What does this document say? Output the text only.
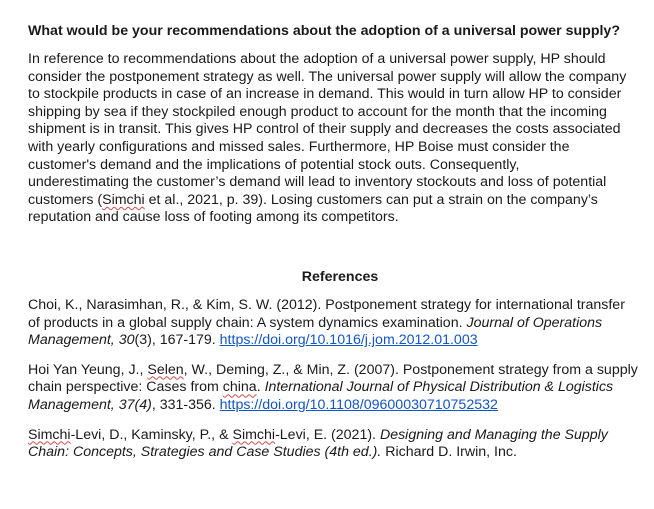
What would be your recommendations about the adoption of a universal power supply?
In reference to recommendations about the adoption of a universal power supply, HP should
consider the postponement strategy as well. The universal power supply will allow the company
to stockpile products in case of an increase in demand. This would in turn allow HP to consider
shipping by sea if they stockpiled enough product to account for the month that the incoming
shipment is in transit. This gives HP control of their supply and decreases the costs associated
with yearly configurations and missed sales. Furthermore, HP Boise must consider the
customer's demand and the implications of potential stock outs. Consequently,
underestimating the customer’s demand will lead to inventory stockouts and loss of potential
customers (Simchi et al., 2021, p. 39). Losing customers can put a strain on the company’s
reputation and cause loss of footing among its competitors.
References
Choi, K., Narasimhan, R., & Kim, S. W. (2012). Postponement strategy for international transfer
of products in a global supply chain: A system dynamics examination. Journal of Operations
Management, 30(3), 167-179. https://doi.org/10.1016/j.jom.2012.01.003
Hoi Yan Yeung, J., Selen, W., Deming, Z., & Min, Z. (2007). Postponement strategy from a supply
chain perspective: Cases from china. International Journal of Physical Distribution & Logistics
Management, 37(4), 331-356. https://doi.org/10.1108/09600030710752532
Simchi-Levi, D., Kaminsky, P., & Simchi-Levi, E. (2021). Designing and Managing the Supply
Chain: Concepts, Strategies and Case Studies (4th ed.). Richard D. Irwin, Inc.
